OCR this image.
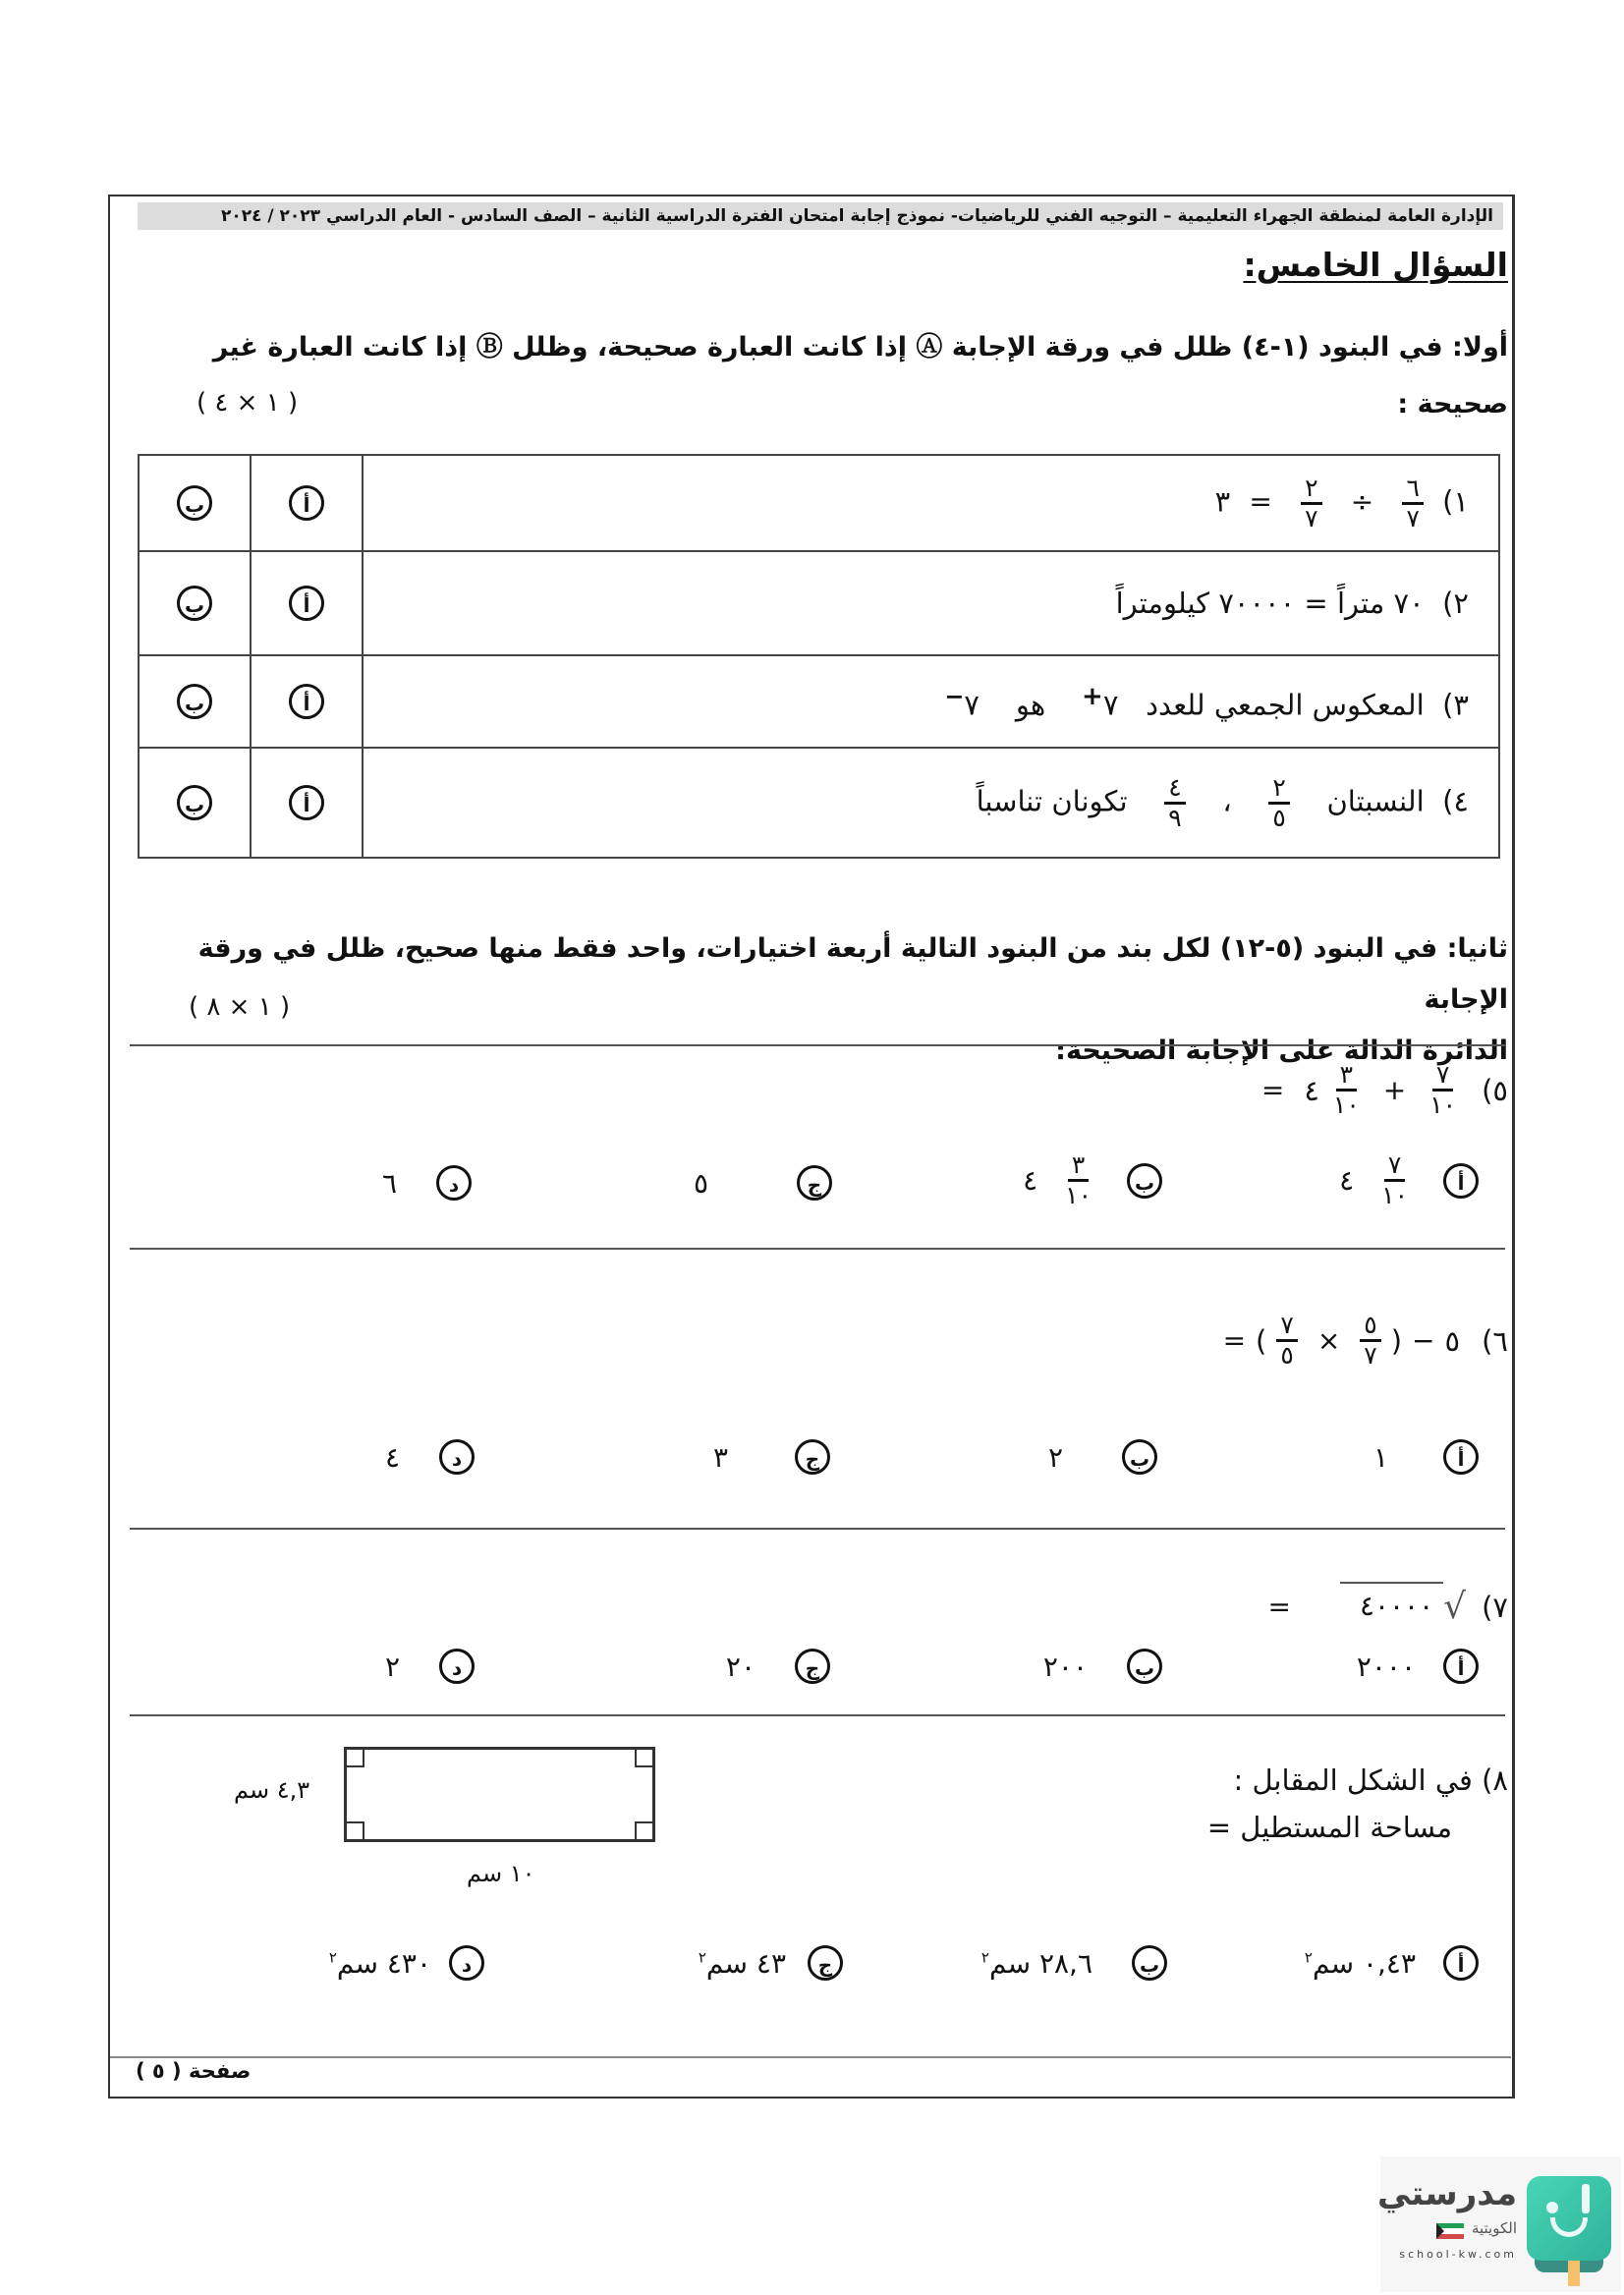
الإدارة العامة لمنطقة الجهراء التعليمية – التوجيه الفني للرياضيات- نموذج إجابة امتحان الفترة الدراسية الثانية – الصف السادس - العام الدراسي ٢٠٢٣ / ٢٠٢٤
السؤال الخامس:
أولا: في البنود (١-٤) ظلل في ورقة الإجابة Ⓐ إذا كانت العبارة صحيحة، وظلل Ⓑ إذا كانت العبارة غير
صحيحة :
( ١ × ٤ )
ب	أ	١)
$\frac{٦}{٧}$
÷
$\frac{٢}{٧}$
= ٣
ب	أ	٢)  ٧٠ متراً = ٧٠٠٠٠ كيلومتراً
ب	أ	٣)  المعكوس الجمعي للعدد   ٧+    هو    ٧−
ب	أ	٤)  النسبتان
$\frac{٢}{٥}$
،
$\frac{٤}{٩}$
تكونان تناسباً
ثانيا: في البنود (٥-١٢) لكل بند من البنود التالية أربعة اختيارات، واحد فقط منها صحيح، ظلل في ورقة الإجابة
الدائرة الدالة على الإجابة الصحيحة:
( ١ × ٨ )
٥)
$\frac{٧}{١٠}$
+
$\frac{٣}{١٠}$
٤
=
أ
$\frac{٧}{١٠}$
٤
ب
$\frac{٣}{١٠}$
٤
ج
٥
د
٦
٦)
٥
−
(
$\frac{٥}{٧}$
×
$\frac{٧}{٥}$
)
=
أ
١
ب
٢
ج
٣
د
٤
٧)
√
٤٠٠٠٠
=
أ
٢٠٠٠
ب
٢٠٠
ج
٢٠
د
٢
٨)

في الشكل المقابل :
مساحة المستطيل =
٤,٣ سم
١٠ سم
أ
٠,٤٣ سم$^٢$
ب
٢٨,٦ سم$^٢$
ج
٤٣ سم$^٢$
د
٤٣٠ سم$^٢$
صفحة ( ٥ )
مدرستي
الكويتية
school-kw.com
